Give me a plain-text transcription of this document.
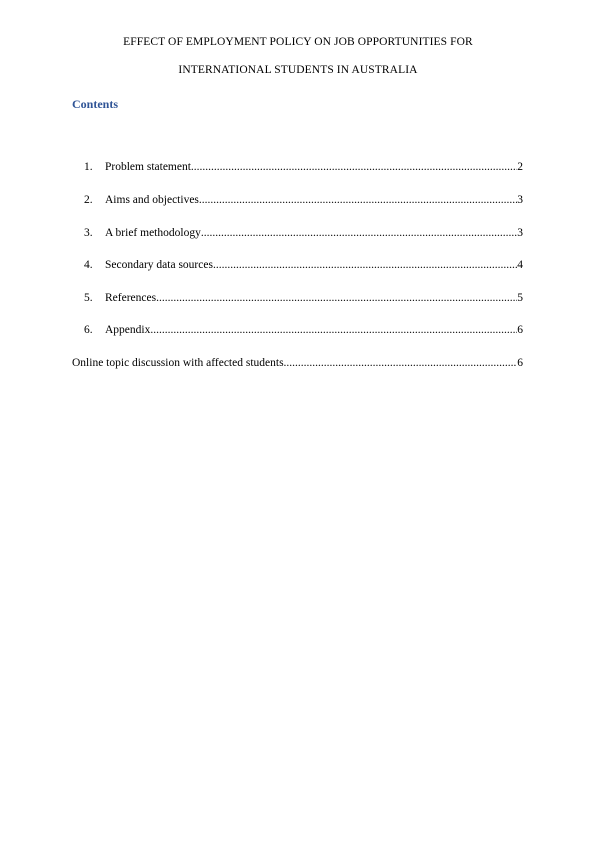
EFFECT OF EMPLOYMENT POLICY ON JOB OPPORTUNITIES FOR
INTERNATIONAL STUDENTS IN AUSTRALIA
Contents
1. Problem statement .....	2
2. Aims and objectives .....	3
3. A brief methodology .....	3
4. Secondary data sources .....	4
5. References .....	5
6. Appendix .....	6
Online topic discussion with affected students .....	6
